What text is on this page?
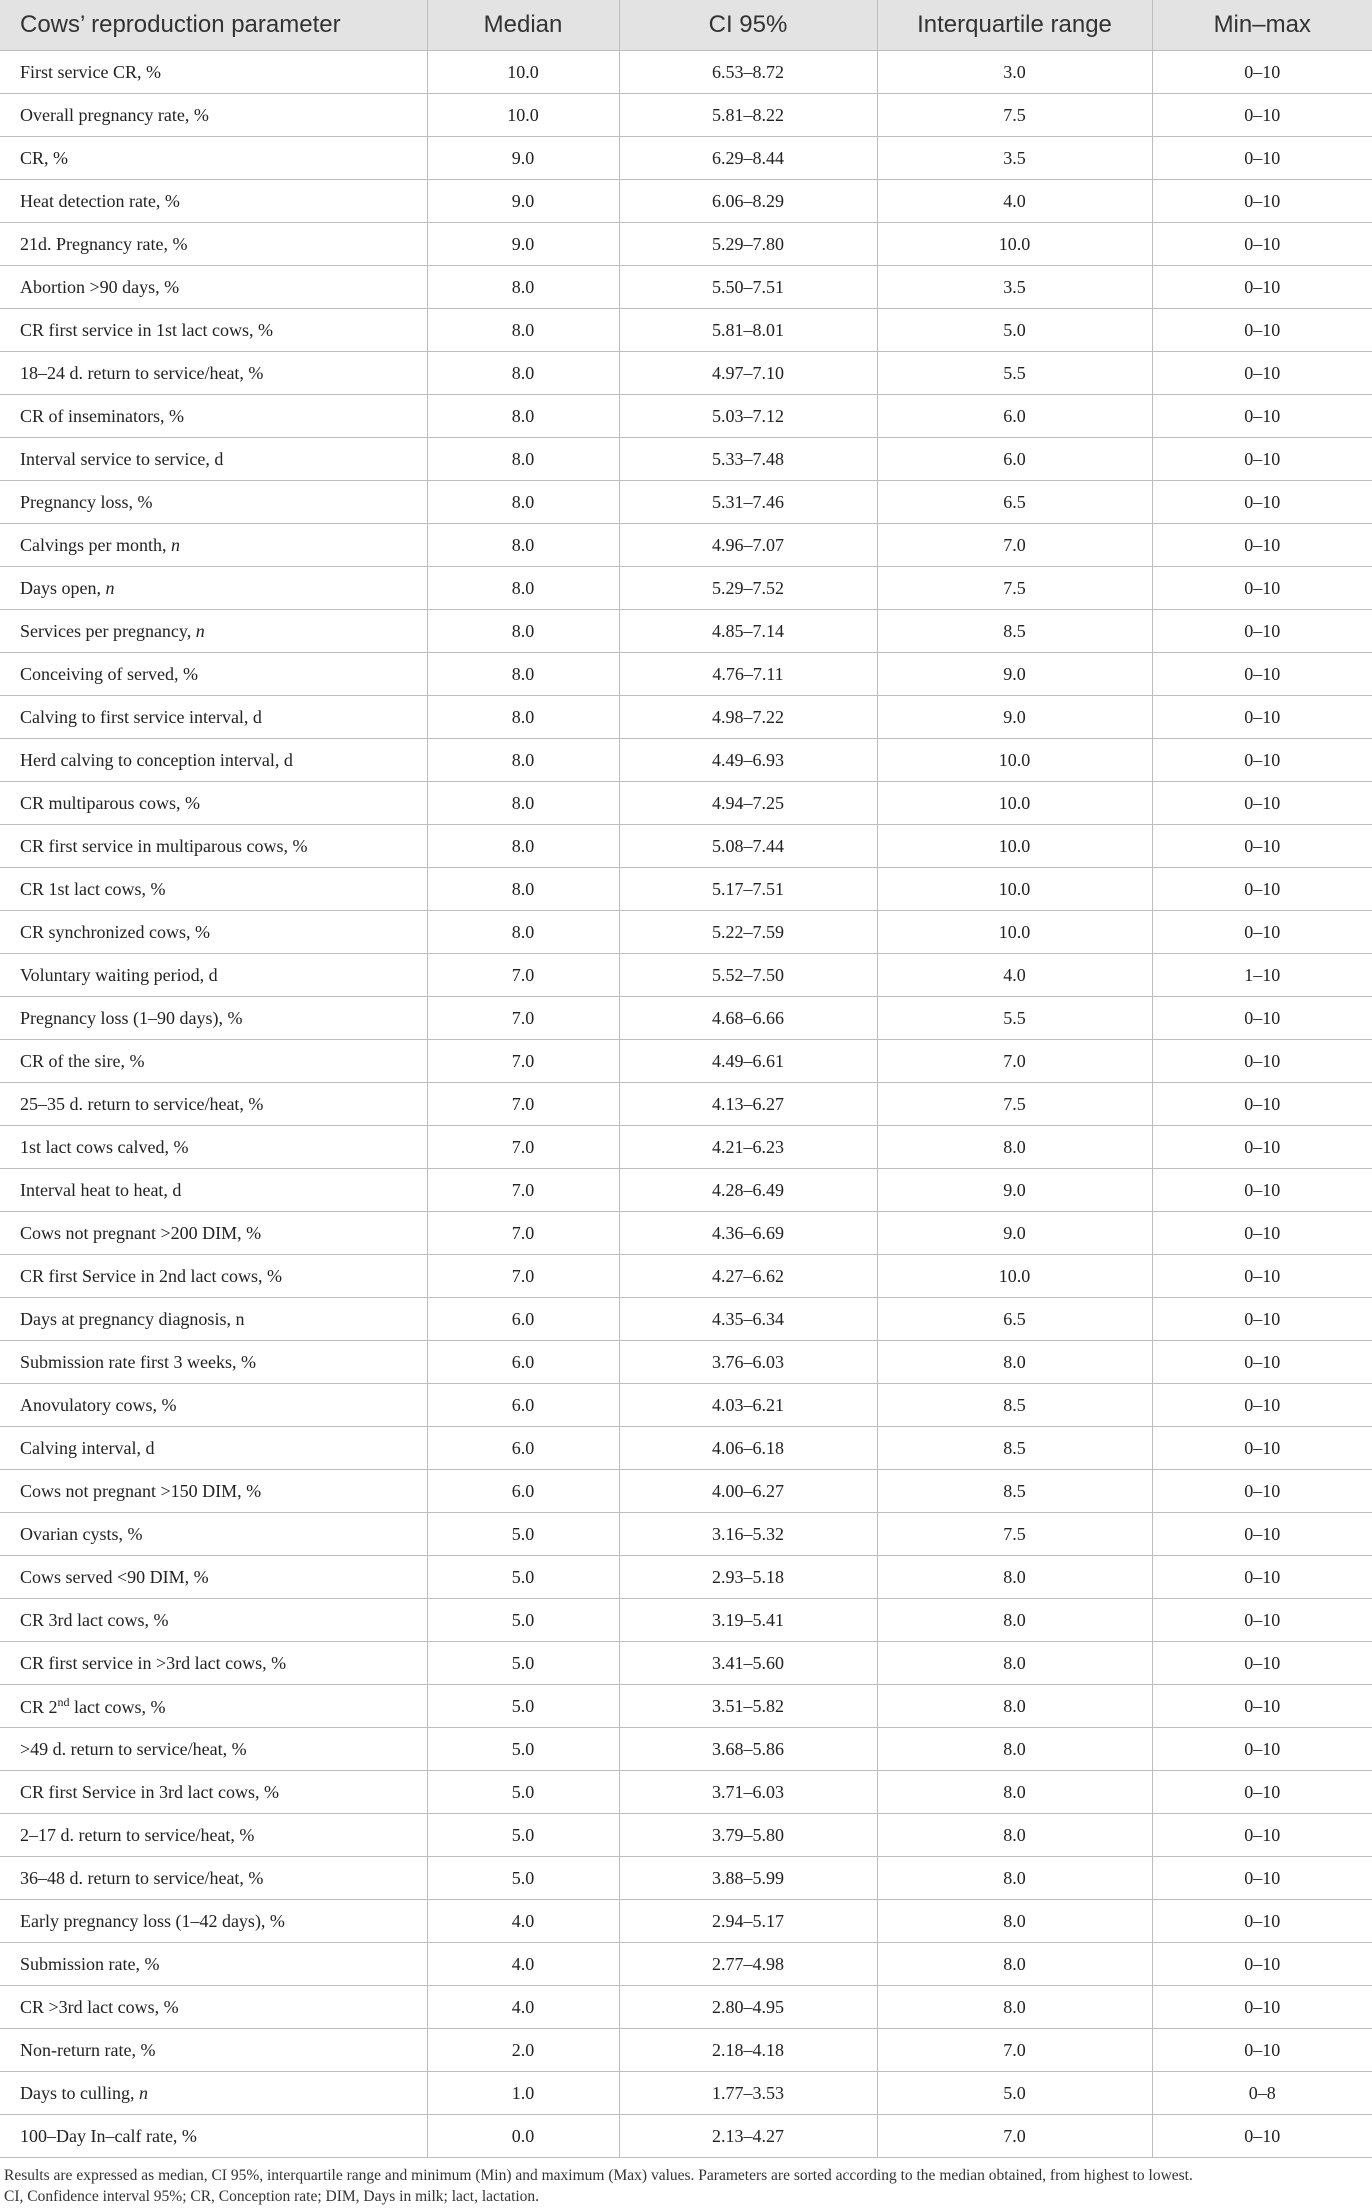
Cows’ reproduction parameter	Median	CI 95%	Interquartile range	Min–max
First service CR, %	10.0	6.53–8.72	3.0	0–10
Overall pregnancy rate, %	10.0	5.81–8.22	7.5	0–10
CR, %	9.0	6.29–8.44	3.5	0–10
Heat detection rate, %	9.0	6.06–8.29	4.0	0–10
21d. Pregnancy rate, %	9.0	5.29–7.80	10.0	0–10
Abortion >90 days, %	8.0	5.50–7.51	3.5	0–10
CR first service in 1st lact cows, %	8.0	5.81–8.01	5.0	0–10
18–24 d. return to service/heat, %	8.0	4.97–7.10	5.5	0–10
CR of inseminators, %	8.0	5.03–7.12	6.0	0–10
Interval service to service, d	8.0	5.33–7.48	6.0	0–10
Pregnancy loss, %	8.0	5.31–7.46	6.5	0–10
Calvings per month, n	8.0	4.96–7.07	7.0	0–10
Days open, n	8.0	5.29–7.52	7.5	0–10
Services per pregnancy, n	8.0	4.85–7.14	8.5	0–10
Conceiving of served, %	8.0	4.76–7.11	9.0	0–10
Calving to first service interval, d	8.0	4.98–7.22	9.0	0–10
Herd calving to conception interval, d	8.0	4.49–6.93	10.0	0–10
CR multiparous cows, %	8.0	4.94–7.25	10.0	0–10
CR first service in multiparous cows, %	8.0	5.08–7.44	10.0	0–10
CR 1st lact cows, %	8.0	5.17–7.51	10.0	0–10
CR synchronized cows, %	8.0	5.22–7.59	10.0	0–10
Voluntary waiting period, d	7.0	5.52–7.50	4.0	1–10
Pregnancy loss (1–90 days), %	7.0	4.68–6.66	5.5	0–10
CR of the sire, %	7.0	4.49–6.61	7.0	0–10
25–35 d. return to service/heat, %	7.0	4.13–6.27	7.5	0–10
1st lact cows calved, %	7.0	4.21–6.23	8.0	0–10
Interval heat to heat, d	7.0	4.28–6.49	9.0	0–10
Cows not pregnant >200 DIM, %	7.0	4.36–6.69	9.0	0–10
CR first Service in 2nd lact cows, %	7.0	4.27–6.62	10.0	0–10
Days at pregnancy diagnosis, n	6.0	4.35–6.34	6.5	0–10
Submission rate first 3 weeks, %	6.0	3.76–6.03	8.0	0–10
Anovulatory cows, %	6.0	4.03–6.21	8.5	0–10
Calving interval, d	6.0	4.06–6.18	8.5	0–10
Cows not pregnant >150 DIM, %	6.0	4.00–6.27	8.5	0–10
Ovarian cysts, %	5.0	3.16–5.32	7.5	0–10
Cows served <90 DIM, %	5.0	2.93–5.18	8.0	0–10
CR 3rd lact cows, %	5.0	3.19–5.41	8.0	0–10
CR first service in >3rd lact cows, %	5.0	3.41–5.60	8.0	0–10
CR 2nd lact cows, %	5.0	3.51–5.82	8.0	0–10
>49 d. return to service/heat, %	5.0	3.68–5.86	8.0	0–10
CR first Service in 3rd lact cows, %	5.0	3.71–6.03	8.0	0–10
2–17 d. return to service/heat, %	5.0	3.79–5.80	8.0	0–10
36–48 d. return to service/heat, %	5.0	3.88–5.99	8.0	0–10
Early pregnancy loss (1–42 days), %	4.0	2.94–5.17	8.0	0–10
Submission rate, %	4.0	2.77–4.98	8.0	0–10
CR >3rd lact cows, %	4.0	2.80–4.95	8.0	0–10
Non-return rate, %	2.0	2.18–4.18	7.0	0–10
Days to culling, n	1.0	1.77–3.53	5.0	0–8
100–Day In–calf rate, %	0.0	2.13–4.27	7.0	0–10

Results are expressed as median, CI 95%, interquartile range and minimum (Min) and maximum (Max) values. Parameters are sorted according to the median obtained, from highest to lowest.

CI, Confidence interval 95%; CR, Conception rate; DIM, Days in milk; lact, lactation.
